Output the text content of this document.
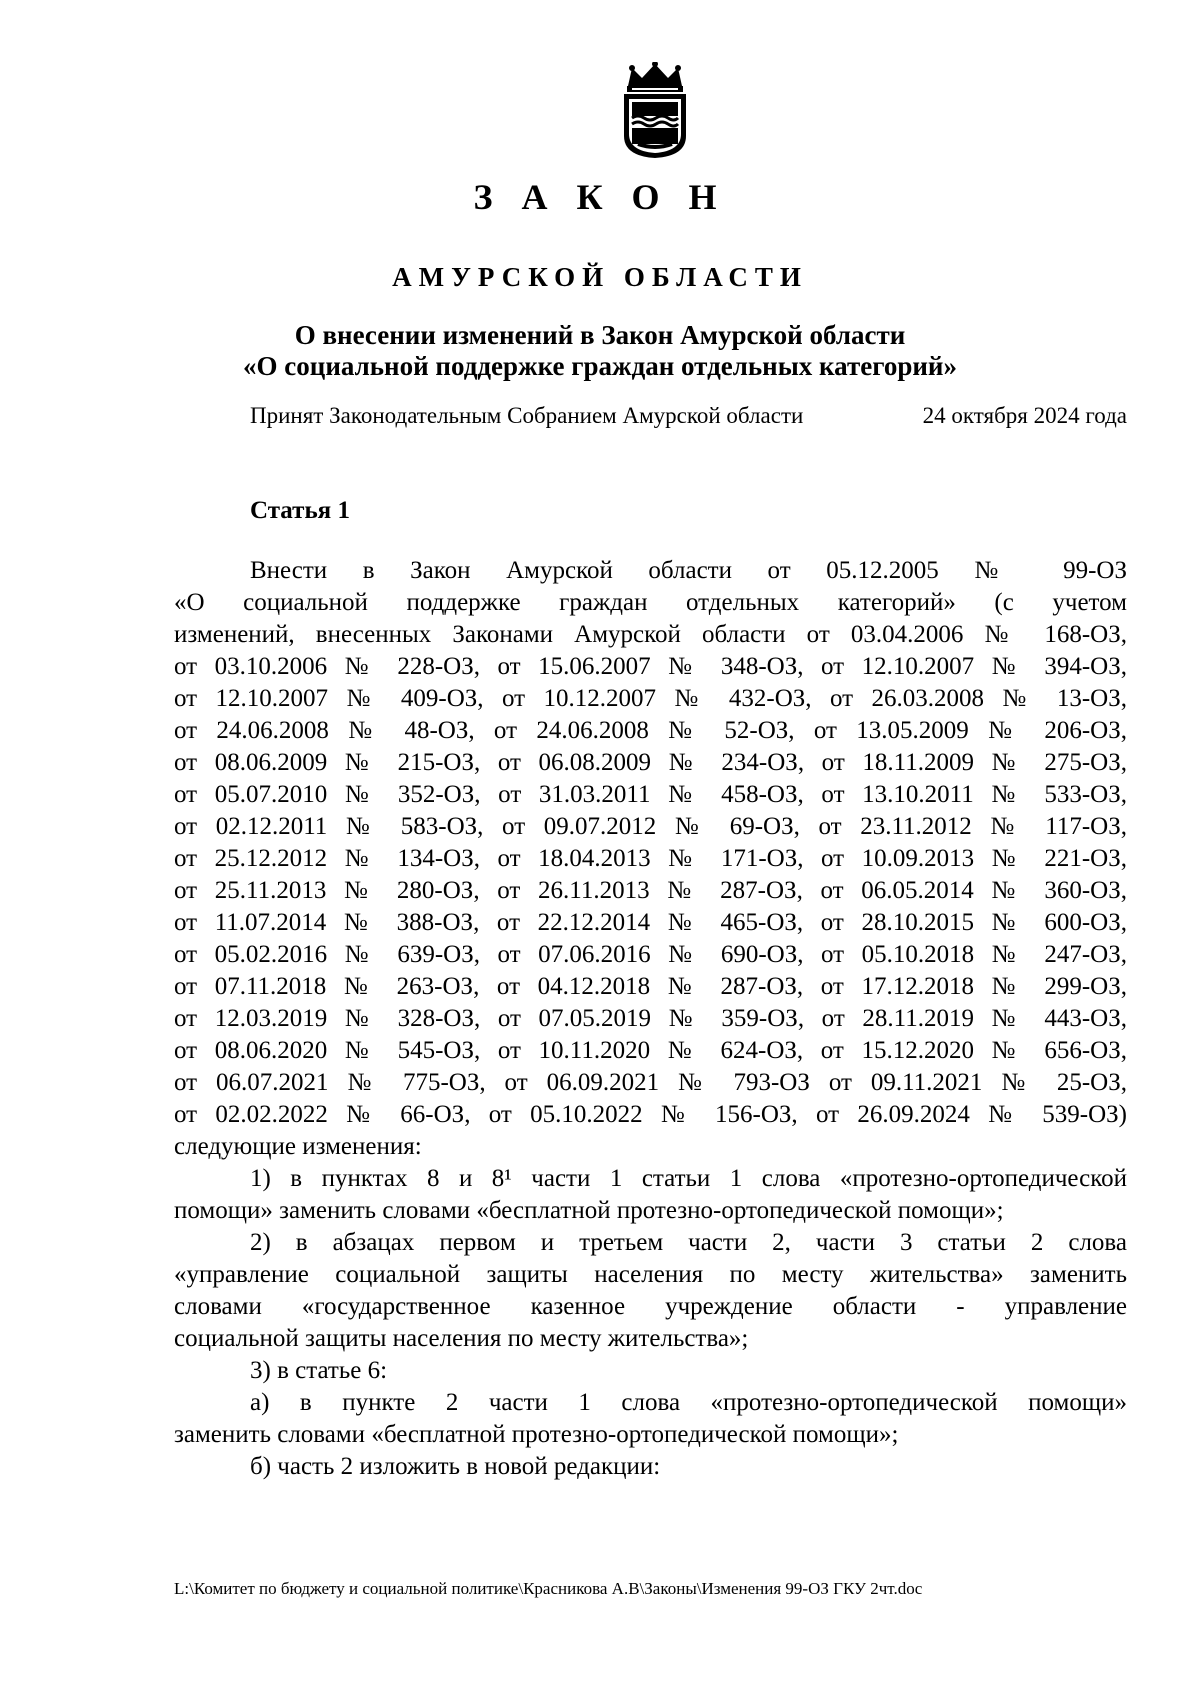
З А К О Н
АМУРСКОЙ ОБЛАСТИ
О внесении изменений в Закон Амурской области
«О социальной поддержке граждан отдельных категорий»
Принят Законодательным Собранием Амурской области	24 октября 2024 года
Статья 1
Внести в Закон Амурской области от 05.12.2005 № 99-ОЗ
«О социальной поддержке граждан отдельных категорий» (с учетом
изменений, внесенных Законами Амурской области от 03.04.2006 № 168-ОЗ,
от 03.10.2006 № 228-ОЗ, от 15.06.2007 № 348-ОЗ, от 12.10.2007 № 394-ОЗ,
от 12.10.2007 № 409-ОЗ, от 10.12.2007 № 432-ОЗ, от 26.03.2008 № 13-ОЗ,
от 24.06.2008 № 48-ОЗ, от 24.06.2008 № 52-ОЗ, от 13.05.2009 № 206-ОЗ,
от 08.06.2009 № 215-ОЗ, от 06.08.2009 № 234-ОЗ, от 18.11.2009 № 275-ОЗ,
от 05.07.2010 № 352-ОЗ, от 31.03.2011 № 458-ОЗ, от 13.10.2011 № 533-ОЗ,
от 02.12.2011 № 583-ОЗ, от 09.07.2012 № 69-ОЗ, от 23.11.2012 № 117-ОЗ,
от 25.12.2012 № 134-ОЗ, от 18.04.2013 № 171-ОЗ, от 10.09.2013 № 221-ОЗ,
от 25.11.2013 № 280-ОЗ, от 26.11.2013 № 287-ОЗ, от 06.05.2014 № 360-ОЗ,
от 11.07.2014 № 388-ОЗ, от 22.12.2014 № 465-ОЗ, от 28.10.2015 № 600-ОЗ,
от 05.02.2016 № 639-ОЗ, от 07.06.2016 № 690-ОЗ, от 05.10.2018 № 247-ОЗ,
от 07.11.2018 № 263-ОЗ, от 04.12.2018 № 287-ОЗ, от 17.12.2018 № 299-ОЗ,
от 12.03.2019 № 328-ОЗ, от 07.05.2019 № 359-ОЗ, от 28.11.2019 № 443-ОЗ,
от 08.06.2020 № 545-ОЗ, от 10.11.2020 № 624-ОЗ, от 15.12.2020 № 656-ОЗ,
от 06.07.2021 № 775-ОЗ, от 06.09.2021 № 793-ОЗ от 09.11.2021 № 25-ОЗ,
от 02.02.2022 № 66-ОЗ, от 05.10.2022 № 156-ОЗ, от 26.09.2024 № 539-ОЗ)
следующие изменения:
1) в пунктах 8 и 8¹ части 1 статьи 1 слова «протезно-ортопедической
помощи» заменить словами «бесплатной протезно-ортопедической помощи»;
2) в абзацах первом и третьем части 2, части 3 статьи 2 слова
«управление социальной защиты населения по месту жительства» заменить
словами «государственное казенное учреждение области - управление
социальной защиты населения по месту жительства»;
3) в статье 6:
а) в пункте 2 части 1 слова «протезно-ортопедической помощи»
заменить словами «бесплатной протезно-ортопедической помощи»;
б) часть 2 изложить в новой редакции:
L:\Комитет по бюджету и социальной политике\Красникова А.В\Законы\Изменения 99-ОЗ ГКУ 2чт.doc
